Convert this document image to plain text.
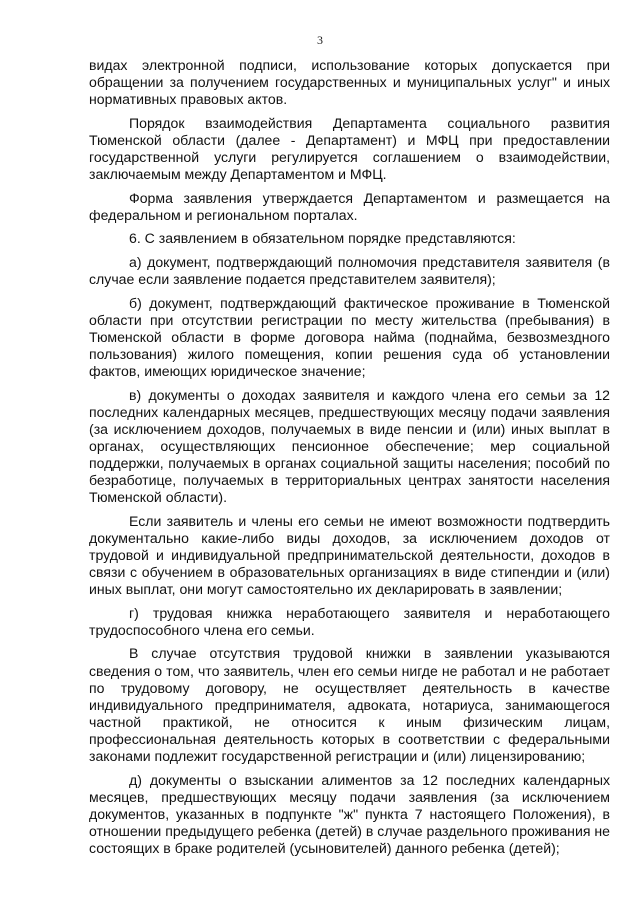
3

видах электронной подписи, использование которых допускается при обращении за получением государственных и муниципальных услуг" и иных нормативных правовых актов.

Порядок взаимодействия Департамента социального развития Тюменской области (далее - Департамент) и МФЦ при предоставлении государственной услуги регулируется соглашением о взаимодействии, заключаемым между Департаментом и МФЦ.

Форма заявления утверждается Департаментом и размещается на федеральном и региональном порталах.

6. С заявлением в обязательном порядке представляются:

а) документ, подтверждающий полномочия представителя заявителя (в случае если заявление подается представителем заявителя);

б) документ, подтверждающий фактическое проживание в Тюменской области при отсутствии регистрации по месту жительства (пребывания) в Тюменской области в форме договора найма (поднайма, безвозмездного пользования) жилого помещения, копии решения суда об установлении фактов, имеющих юридическое значение;

в) документы о доходах заявителя и каждого члена его семьи за 12 последних календарных месяцев, предшествующих месяцу подачи заявления (за исключением доходов, получаемых в виде пенсии и (или) иных выплат в органах, осуществляющих пенсионное обеспечение; мер социальной поддержки, получаемых в органах социальной защиты населения; пособий по безработице, получаемых в территориальных центрах занятости населения Тюменской области).

Если заявитель и члены его семьи не имеют возможности подтвердить документально какие-либо виды доходов, за исключением доходов от трудовой и индивидуальной предпринимательской деятельности, доходов в связи с обучением в образовательных организациях в виде стипендии и (или) иных выплат, они могут самостоятельно их декларировать в заявлении;

г) трудовая книжка неработающего заявителя и неработающего трудоспособного члена его семьи.

В случае отсутствия трудовой книжки в заявлении указываются сведения о том, что заявитель, член его семьи нигде не работал и не работает по трудовому договору, не осуществляет деятельность в качестве индивидуального предпринимателя, адвоката, нотариуса, занимающегося частной практикой, не относится к иным физическим лицам, профессиональная деятельность которых в соответствии с федеральными законами подлежит государственной регистрации и (или) лицензированию;

д) документы о взыскании алиментов за 12 последних календарных месяцев, предшествующих месяцу подачи заявления (за исключением документов, указанных в подпункте "ж" пункта 7 настоящего Положения), в отношении предыдущего ребенка (детей) в случае раздельного проживания не состоящих в браке родителей (усыновителей) данного ребенка (детей);
